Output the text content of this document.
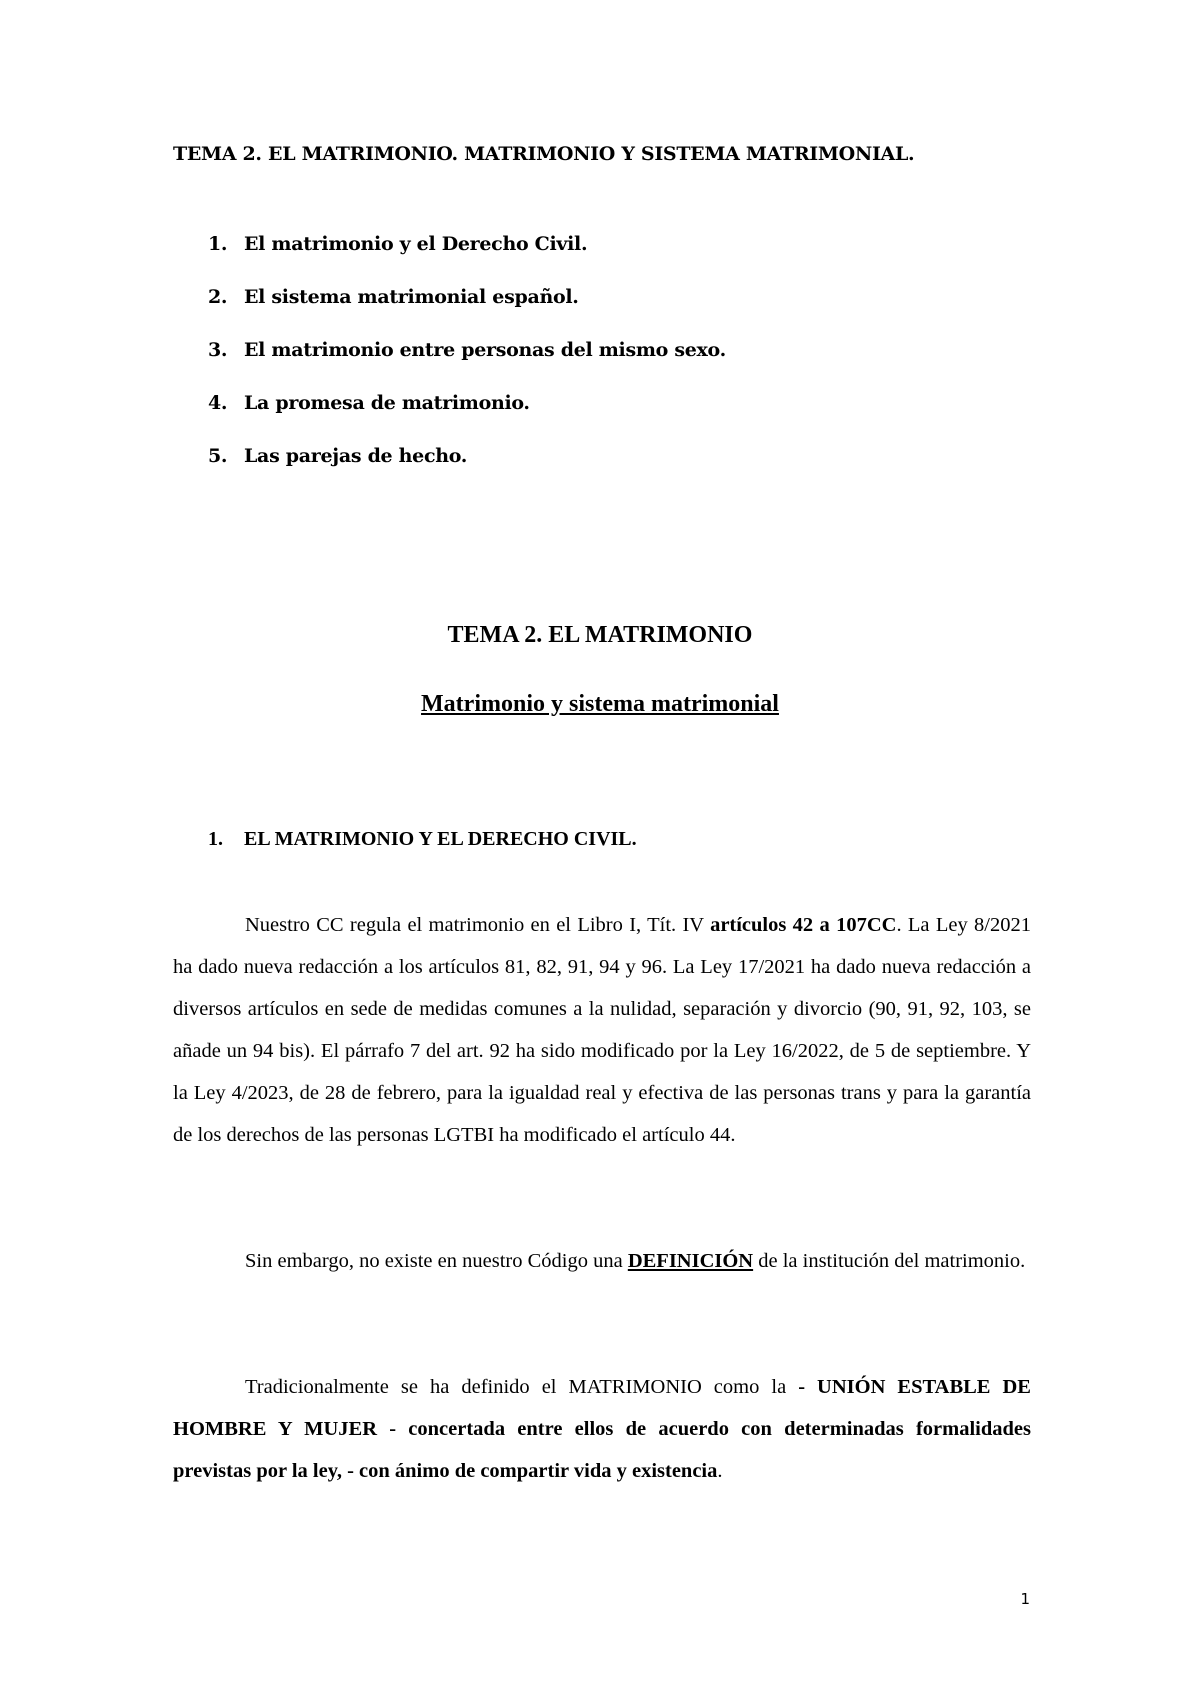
TEMA 2. EL MATRIMONIO. MATRIMONIO Y SISTEMA MATRIMONIAL.
1. El matrimonio y el Derecho Civil.
2. El sistema matrimonial español.
3. El matrimonio entre personas del mismo sexo.
4. La promesa de matrimonio.
5. Las parejas de hecho.
TEMA 2. EL MATRIMONIO
Matrimonio y sistema matrimonial
1. EL MATRIMONIO Y EL DERECHO CIVIL.

Nuestro CC regula el matrimonio en el Libro I, Tít. IV artículos 42 a 107CC. La Ley 8/2021 ha dado nueva redacción a los artículos 81, 82, 91, 94 y 96. La Ley 17/2021 ha dado nueva redacción a diversos artículos en sede de medidas comunes a la nulidad, separación y divorcio (90, 91, 92, 103, se añade un 94 bis). El párrafo 7 del art. 92 ha sido modificado por la Ley 16/2022, de 5 de septiembre. Y la Ley 4/2023, de 28 de febrero, para la igualdad real y efectiva de las personas trans y para la garantía de los derechos de las personas LGTBI ha modificado el artículo 44.

Sin embargo, no existe en nuestro Código una DEFINICIÓN de la institución del matrimonio.

Tradicionalmente se ha definido el MATRIMONIO como la - UNIÓN ESTABLE DE HOMBRE Y MUJER - concertada entre ellos de acuerdo con determinadas formalidades previstas por la ley, - con ánimo de compartir vida y existencia.

1
